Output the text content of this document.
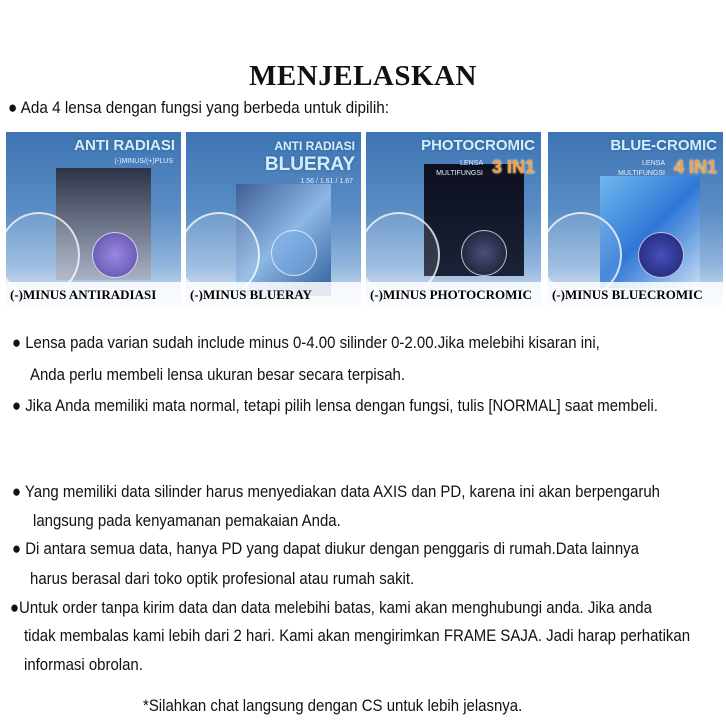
MENJELASKAN
● Ada 4 lensa dengan fungsi yang berbeda untuk dipilih:
ANTI RADIASI
(-)MINUS/(+)PLUS
(-)MINUS ANTIRADIASI
ANTI RADIASI
BLUERAY
1.56 / 1.61 / 1.67
(-)MINUS BLUERAY
PHOTOCROMIC
LENSA
MULTIFUNGSI 3 IN1
(-)MINUS PHOTOCROMIC
BLUE-CROMIC
LENSA
MULTIFUNGSI 4 IN1
(-)MINUS BLUECROMIC
● Lensa pada varian sudah include minus 0-4.00 silinder 0-2.00.Jika melebihi kisaran ini,
Anda perlu membeli lensa ukuran besar secara terpisah.
● Jika Anda memiliki mata normal, tetapi pilih lensa dengan fungsi, tulis [NORMAL] saat membeli.
● Yang memiliki data silinder harus menyediakan data AXIS dan PD, karena ini akan berpengaruh
langsung pada kenyamanan pemakaian Anda.
● Di antara semua data, hanya PD yang dapat diukur dengan penggaris di rumah.Data lainnya
harus berasal dari toko optik profesional atau rumah sakit.
●Untuk order tanpa kirim data dan data melebihi batas, kami akan menghubungi anda. Jika anda
tidak membalas kami lebih dari 2 hari. Kami akan mengirimkan FRAME SAJA. Jadi harap perhatikan
informasi obrolan.
*Silahkan chat langsung dengan CS untuk lebih jelasnya.
